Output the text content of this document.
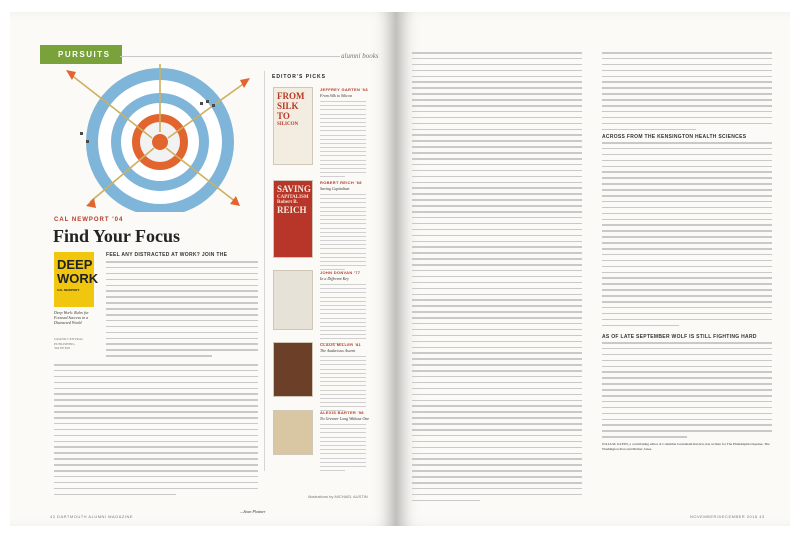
PURSUITS	alumni books
CAL NEWPORT '04
Find Your Focus
DEEP
WORK
CAL NEWPORT
Deep Work: Rules for Focused Success in a Distracted World
GRAND CENTRAL PUBLISHING
304 PP $28
FEEL ANY DISTRACTED AT WORK? JOIN THE
—Sean Plottner
EDITOR'S PICKS
FROM
SILK
TO
SILICON
JEFFREY GARTEN '68
From Silk to Silicon
SAVING
CAPITALISM
Robert B.
REICH
ROBERT REICH '68
Saving Capitalism
JOHN DONVAN '77
In a Different Key
CLAUS MILLER '81
The Audacious Ascent
ALEXIS BARTER '98
No Greener Long Without One
illustrations by MICHAEL AUSTIN
42 DARTMOUTH ALUMNI MAGAZINE
ACROSS FROM THE KENSINGTON HEALTH SCIENCES
AS OF LATE SEPTEMBER WOLF IS STILL FIGHTING HARD
JULIA M. KLEIN, a contributing editor at Columbia Journalism Review, has written for The Philadelphia Inquirer, The Washington Post and Mother Jones.
NOVEMBER/DECEMBER 2016 43
